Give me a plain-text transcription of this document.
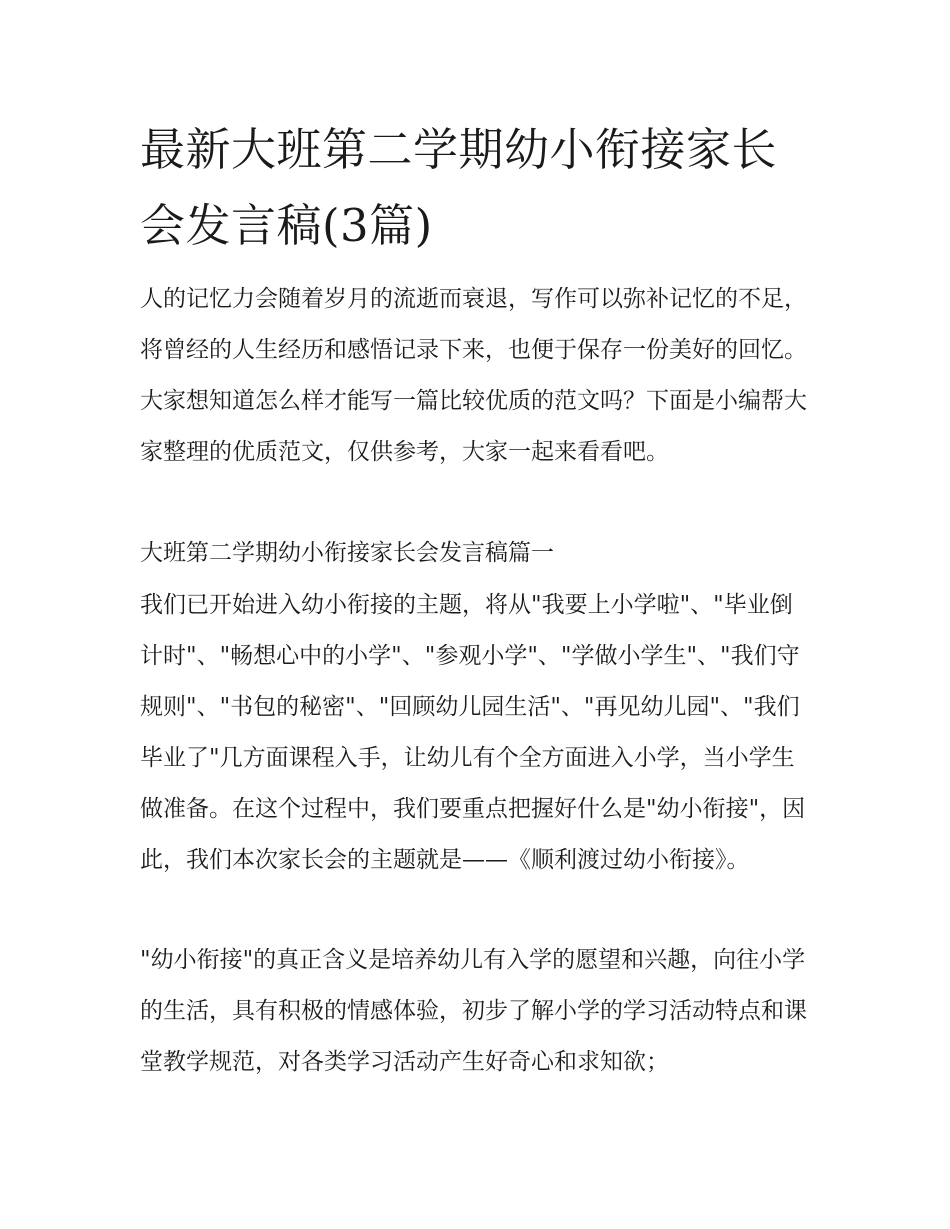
最新大班第二学期幼小衔接家长会发言稿(3篇)

人的记忆力会随着岁月的流逝而衰退，写作可以弥补记忆的不足，将曾经的人生经历和感悟记录下来，也便于保存一份美好的回忆。大家想知道怎么样才能写一篇比较优质的范文吗？下面是小编帮大家整理的优质范文，仅供参考，大家一起来看看吧。

大班第二学期幼小衔接家长会发言稿篇一

我们已开始进入幼小衔接的主题，将从"我要上小学啦"、"毕业倒计时"、"畅想心中的小学"、"参观小学"、"学做小学生"、"我们守规则"、"书包的秘密"、"回顾幼儿园生活"、"再见幼儿园"、"我们毕业了"几方面课程入手，让幼儿有个全方面进入小学，当小学生做准备。在这个过程中，我们要重点把握好什么是"幼小衔接"，因此，我们本次家长会的主题就是——《顺利渡过幼小衔接》。

"幼小衔接"的真正含义是培养幼儿有入学的愿望和兴趣，向往小学的生活，具有积极的情感体验，初步了解小学的学习活动特点和课堂教学规范，对各类学习活动产生好奇心和求知欲；
